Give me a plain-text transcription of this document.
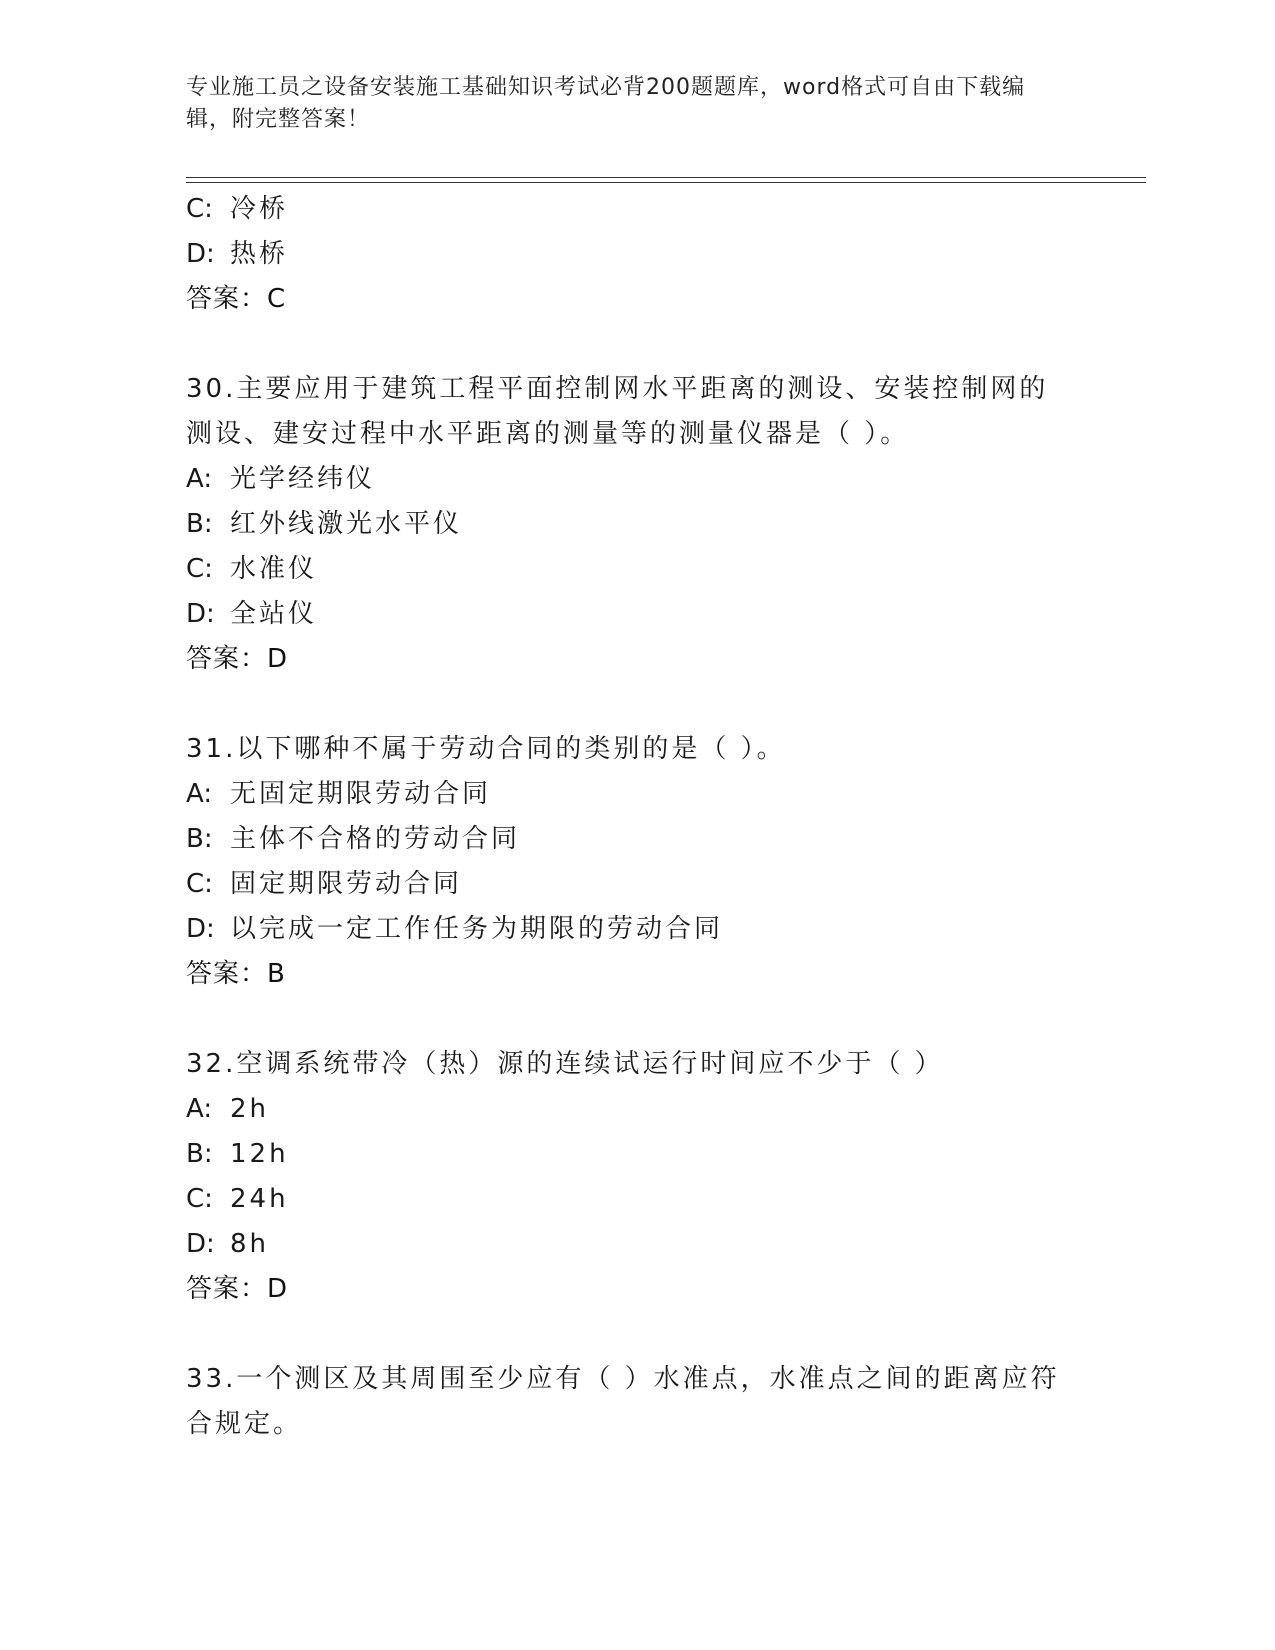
专业施工员之设备安装施工基础知识考试必背200题题库，word格式可自由下载编辑，附完整答案！
C: 冷桥
D: 热桥
答案：C
30.主要应用于建筑工程平面控制网水平距离的测设、安装控制网的测设、建安过程中水平距离的测量等的测量仪器是（ ）。
A: 光学经纬仪
B: 红外线激光水平仪
C: 水准仪
D: 全站仪
答案：D
31.以下哪种不属于劳动合同的类别的是（ ）。
A: 无固定期限劳动合同
B: 主体不合格的劳动合同
C: 固定期限劳动合同
D: 以完成一定工作任务为期限的劳动合同
答案：B
32.空调系统带冷（热）源的连续试运行时间应不少于（ ）
A: 2h
B: 12h
C: 24h
D: 8h
答案：D
33.一个测区及其周围至少应有（ ）水准点，水准点之间的距离应符合规定。
